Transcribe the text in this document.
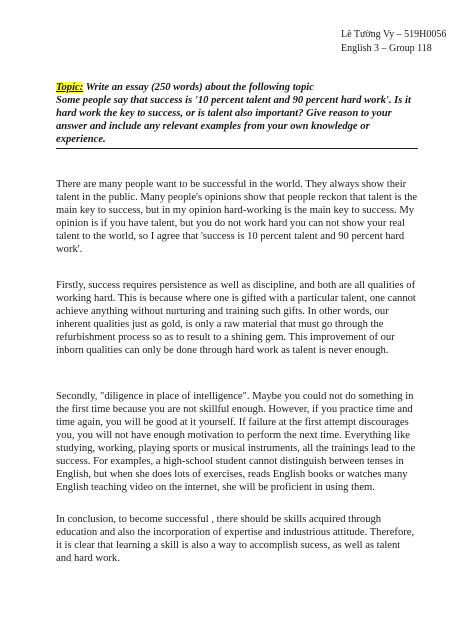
Lê Tường Vy – 519H0056
English 3 – Group 118
Topic: Write an essay (250 words) about the following topic
Some people say that success is '10 percent talent and 90 percent hard work'. Is it hard work the key to success, or is talent also important? Give reason to your answer and include any relevant examples from your own knowledge or experience.

There are many people want to be successful in the world. They always show their talent in the public. Many people's opinions show that people reckon that talent is the main key to success, but in my opinion hard-working is the main key to success. My opinion is if you have talent, but you do not work hard you can not show your real talent to the world, so I agree that 'success is 10 percent talent and 90 percent hard work'.

Firstly, success requires persistence as well as discipline, and both are all qualities of working hard. This is because where one is gifted with a particular talent, one cannot achieve anything without nurturing and training such gifts. In other words, our inherent qualities just as gold, is only a raw material that must go through the refurbishment process so as to result to a shining gem. This improvement of our inborn qualities can only be done through hard work as talent is never enough.

Secondly, "diligence in place of intelligence". Maybe you could not do something in the first time because you are not skillful enough. However, if you practice time and time again, you will be good at it yourself. If failure at the first attempt discourages you, you will not have enough motivation to perform the next time. Everything like studying, working, playing sports or musical instruments, all the trainings lead to the success. For examples, a high-school student cannot distinguish between tenses in English, but when she does lots of exercises, reads English books or watches many English teaching video on the internet, she will be proficient in using them.

In conclusion, to become successful , there should be skills acquired through education and also the incorporation of expertise and industrious attitude. Therefore, it is clear that learning a skill is also a way to accomplish sucess, as well as talent and hard work.
